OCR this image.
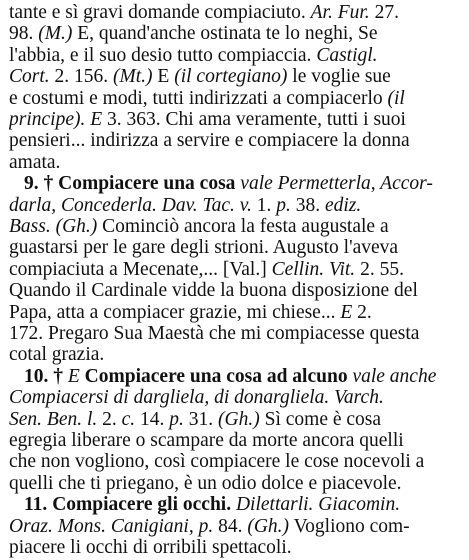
tante e sì gravi domande compiaciuto. Ar. Fur. 27.
98. (M.) E, quand'anche ostinata te lo neghi, Se
l'abbia, e il suo desio tutto compiaccia. Castigl.
Cort. 2. 156. (Mt.) E (il cortegiano) le voglie sue
e costumi e modi, tutti indirizzati a compiacerlo (il
principe). E 3. 363. Chi ama veramente, tutti i suoi
pensieri... indirizza a servire e compiacere la donna
amata.
9. † Compiacere una cosa vale Permetterla, Accor-
darla, Concederla. Dav. Tac. v. 1. p. 38. ediz.
Bass. (Gh.) Cominciò ancora la festa augustale a
guastarsi per le gare degli strioni. Augusto l'aveva
compiaciuta a Mecenate,... [Val.] Cellin. Vit. 2. 55.
Quando il Cardinale vidde la buona disposizione del
Papa, atta a compiacer grazie, mi chiese... E 2.
172. Pregaro Sua Maestà che mi compiacesse questa
cotal grazia.
10. † E Compiacere una cosa ad alcuno vale anche
Compiacersi di dargliela, di donargliela. Varch.
Sen. Ben. l. 2. c. 14. p. 31. (Gh.) Sì come è cosa
egregia liberare o scampare da morte ancora quelli
che non vogliono, così compiacere le cose nocevoli a
quelli che ti priegano, è un odio dolce e piacevole.
11. Compiacere gli occhi. Dilettarli. Giacomin.
Oraz. Mons. Canigiani, p. 84. (Gh.) Vogliono com-
piacere li occhi di orribili spettacoli.
